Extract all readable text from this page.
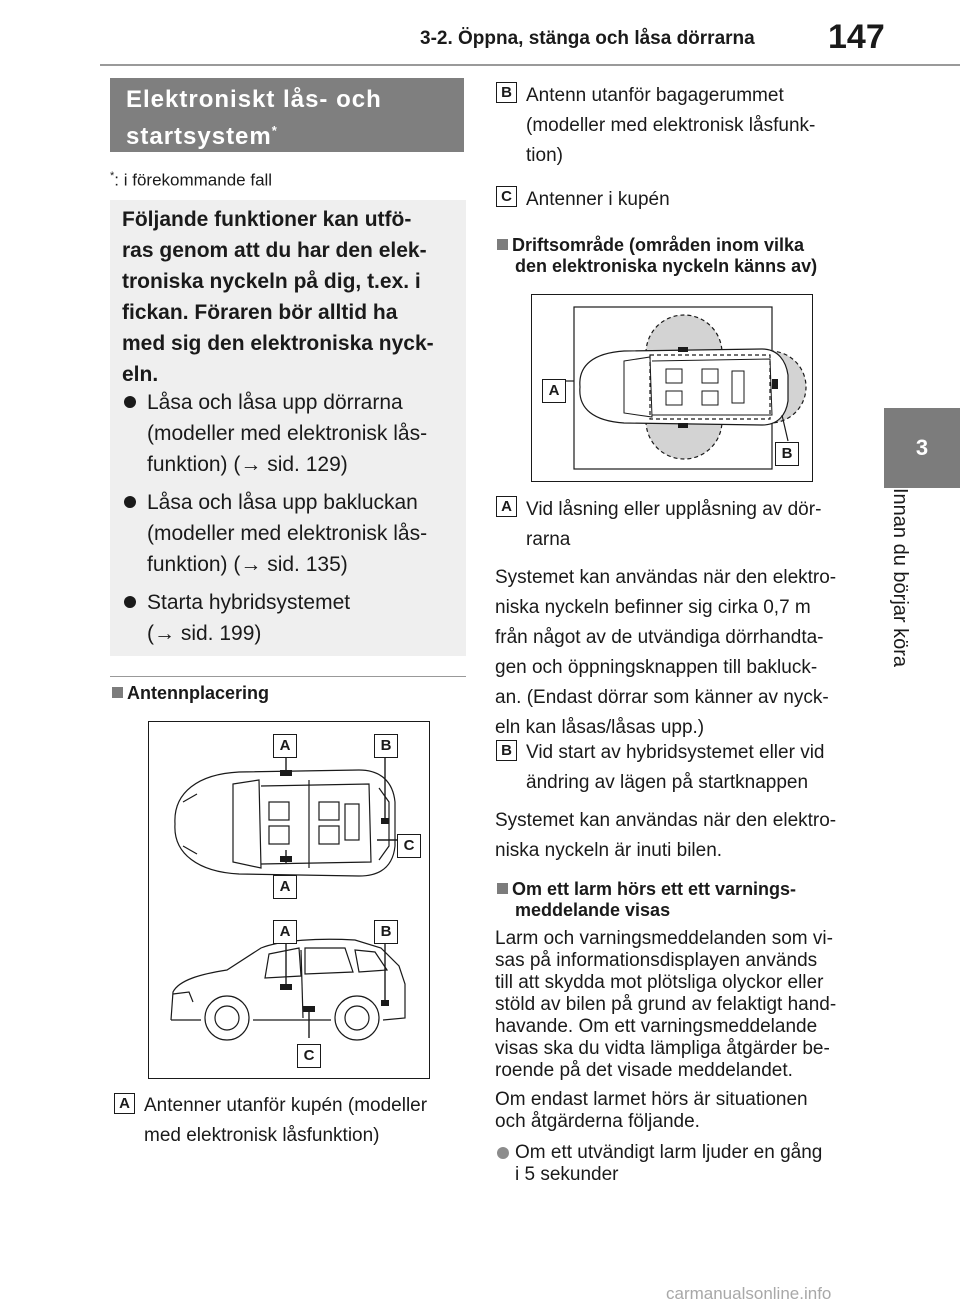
3-2. Öppna, stänga och låsa dörrarna 147
3
Innan du börjar köra
Elektroniskt lås- och
startsystem*
*: i förekommande fall
Följande funktioner kan utfö-
ras genom att du har den elek-
troniska nyckeln på dig, t.ex. i
fickan. Föraren bör alltid ha
med sig den elektroniska nyck-
eln.
Låsa och låsa upp dörrarna
(modeller med elektronisk lås-
funktion) (→ sid. 129)
Låsa och låsa upp bakluckan
(modeller med elektronisk lås-
funktion) (→ sid. 135)
Starta hybridsystemet
(→ sid. 199)
Antennplacering
A	B
C
A
A	B
C
A Antenner utanför kupén (modeller
med elektronisk låsfunktion)
B Antenn utanför bagagerummet
(modeller med elektronisk låsfunk-
tion)
C Antenner i kupén
Driftsområde (områden inom vilka
den elektroniska nyckeln känns av)
A
B
A Vid låsning eller upplåsning av dör-
rarna
Systemet kan användas när den elektro-
niska nyckeln befinner sig cirka 0,7 m
från något av de utvändiga dörrhandta-
gen och öppningsknappen till bakluck-
an. (Endast dörrar som känner av nyck-
eln kan låsas/låsas upp.)
B Vid start av hybridsystemet eller vid
ändring av lägen på startknappen
Systemet kan användas när den elektro-
niska nyckeln är inuti bilen.
Om ett larm hörs ett ett varnings-
meddelande visas
Larm och varningsmeddelanden som vi-
sas på informationsdisplayen används
till att skydda mot plötsliga olyckor eller
stöld av bilen på grund av felaktigt hand-
havande. Om ett varningsmeddelande
visas ska du vidta lämpliga åtgärder be-
roende på det visade meddelandet.
Om endast larmet hörs är situationen
och åtgärderna följande.
Om ett utvändigt larm ljuder en gång
i 5 sekunder
carmanualsonline.info
